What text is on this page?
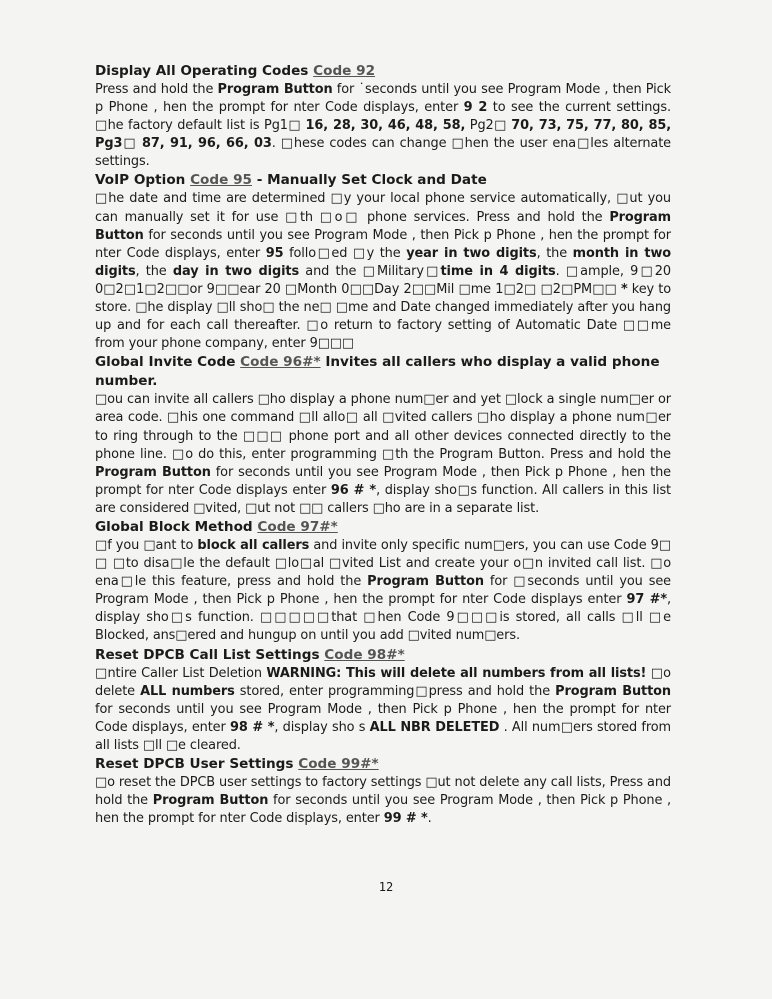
Display All Operating Codes Code 92

Press and hold the Program Button for ˙seconds until you see Program Mode , then Pick p Phone , hen the prompt for nter Code displays, enter 9 2 to see the current settings. □he factory default list is Pg1□ 16, 28, 30, 46, 48, 58, Pg2□ 70, 73, 75, 77, 80, 85, Pg3□ 87, 91, 96, 66, 03. □hese codes can change □hen the user ena□les alternate settings.

VoIP Option Code 95 - Manually Set Clock and Date

□he date and time are determined □y your local phone service automatically, □ut you can manually set it for use □th □o□ phone services. Press and hold the Program Button for seconds until you see Program Mode , then Pick p Phone , hen the prompt for nter Code displays, enter 95 follo□ed □y the year in two digits, the month in two digits, the day in two digits and the □Military□time in 4 digits. □ample, 9□20 0□2□1□2□□or 9□□ear 20 □Month 0□□Day 2□□Mil □me 1□2□ □2□PM□□ * key to store. □he display □ll sho□ the ne□ □me and Date changed immediately after you hang up and for each call thereafter. □o return to factory setting of Automatic Date □□me from your phone company, enter 9□□□

Global Invite Code Code 96#* Invites all callers who display a valid phone number.

□ou can invite all callers □ho display a phone num□er and yet □lock a single num□er or area code. □his one command □ll allo□ all □vited callers □ho display a phone num□er to ring through to the □□□ phone port and all other devices connected directly to the phone line. □o do this, enter programming □th the Program Button. Press and hold the Program Button for seconds until you see Program Mode , then Pick p Phone , hen the prompt for nter Code displays enter 96 # *, display sho□s function. All callers in this list are considered □vited, □ut not □□ callers □ho are in a separate list.

Global Block Method Code 97#*

□f you □ant to block all callers and invite only specific num□ers, you can use Code 9□ □ □to disa□le the default □lo□al □vited List and create your o□n invited call list. □o ena□le this feature, press and hold the Program Button for □seconds until you see Program Mode , then Pick p Phone , hen the prompt for nter Code displays enter 97 #*, display sho□s function. □□□□□that □hen Code 9□□□is stored, all calls □ll □e Blocked, ans□ered and hungup on until you add □vited num□ers.

Reset DPCB Call List Settings Code 98#*

□ntire Caller List Deletion WARNING: This will delete all numbers from all lists! □o delete ALL numbers stored, enter programming□press and hold the Program Button for seconds until you see Program Mode , then Pick p Phone , hen the prompt for nter Code displays, enter 98 # *, display sho s ALL NBR DELETED . All num□ers stored from all lists □ll □e cleared.

Reset DPCB User Settings Code 99#*

□o reset the DPCB user settings to factory settings □ut not delete any call lists, Press and hold the Program Button for seconds until you see Program Mode , then Pick p Phone , hen the prompt for nter Code displays, enter 99 # *.

12
